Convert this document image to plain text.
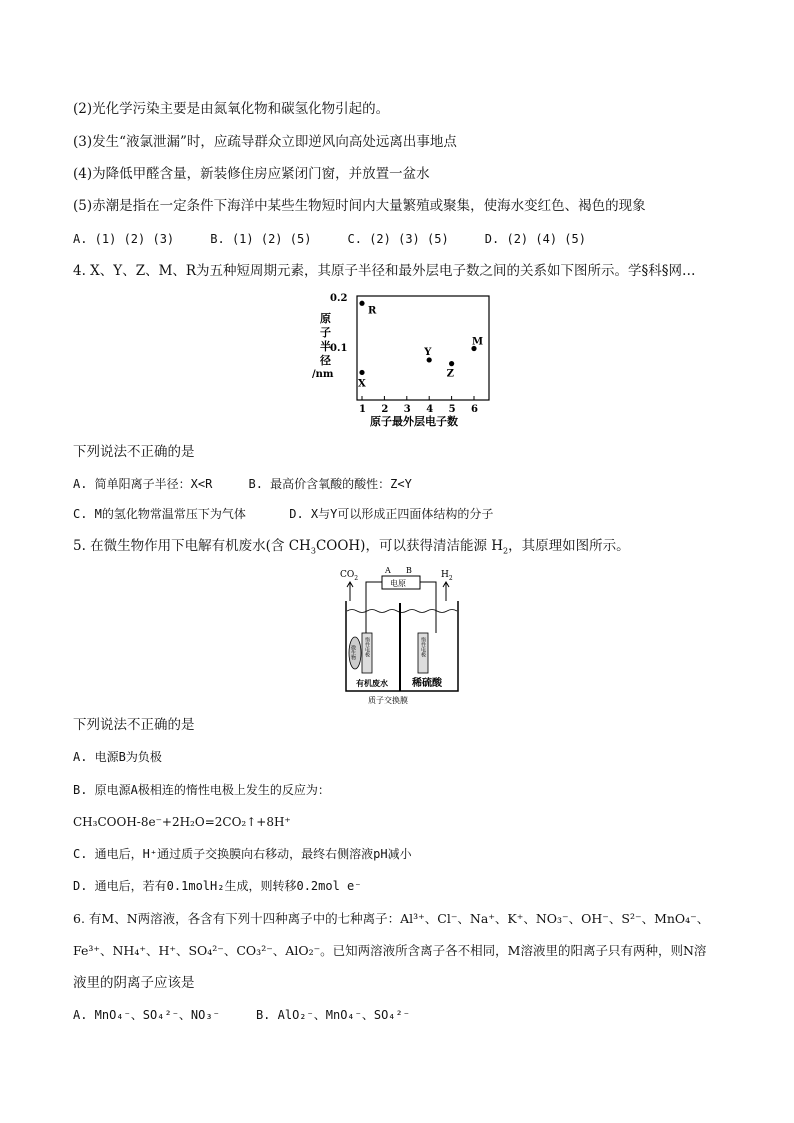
(2)光化学污染主要是由氮氧化物和碳氢化物引起的。
(3)发生“液氯泄漏”时，应疏导群众立即逆风向高处远离出事地点
(4)为降低甲醛含量，新装修住房应紧闭门窗，并放置一盆水
(5)赤潮是指在一定条件下海洋中某些生物短时间内大量繁殖或聚集，使海水变红色、褐色的现象
A. (1) (2) (3)     B. (1) (2) (5)     C. (2) (3) (5)     D. (2) (4) (5)
4. X、Y、Z、M、R为五种短周期元素，其原子半径和最外层电子数之间的关系如下图所示。学§科§网…
原
子
半
径
/nm
0.2
0.1
1 2 3 4 5 6
R
X
Y
Z
M
原子最外层电子数
下列说法不正确的是
A. 简单阳离子半径：X<R     B. 最高价含氧酸的酸性：Z<Y
C. M的氢化物常温常压下为气体      D. X与Y可以形成正四面体结构的分子
5. 在微生物作用下电解有机废水(含 $CH_3COOH$)，可以获得清洁能源 $H_2$，其原理如图所示。
$CO_2$	$H_2$
A B
电原
微生物 惰性电极	惰性电极
有机废水 稀硫酸
质子交换膜
下列说法不正确的是
A. 电源B为负极
B. 原电源A极相连的惰性电极上发生的反应为：
CH₃COOH-8e⁻+2H₂O=2CO₂↑+8H⁺
C. 通电后，H⁺通过质子交换膜向右移动，最终右侧溶液pH减小
D. 通电后，若有0.1molH₂生成，则转移0.2mol e⁻
6. 有M、N两溶液，各含有下列十四种离子中的七种离子：Al³⁺、Cl⁻、Na⁺、K⁺、NO₃⁻、OH⁻、S²⁻、MnO₄⁻、
Fe³⁺、NH₄⁺、H⁺、SO₄²⁻、CO₃²⁻、AlO₂⁻。已知两溶液所含离子各不相同，M溶液里的阳离子只有两种，则N溶
液里的阴离子应该是
A. MnO₄⁻、SO₄²⁻、NO₃⁻     B. AlO₂⁻、MnO₄⁻、SO₄²⁻
